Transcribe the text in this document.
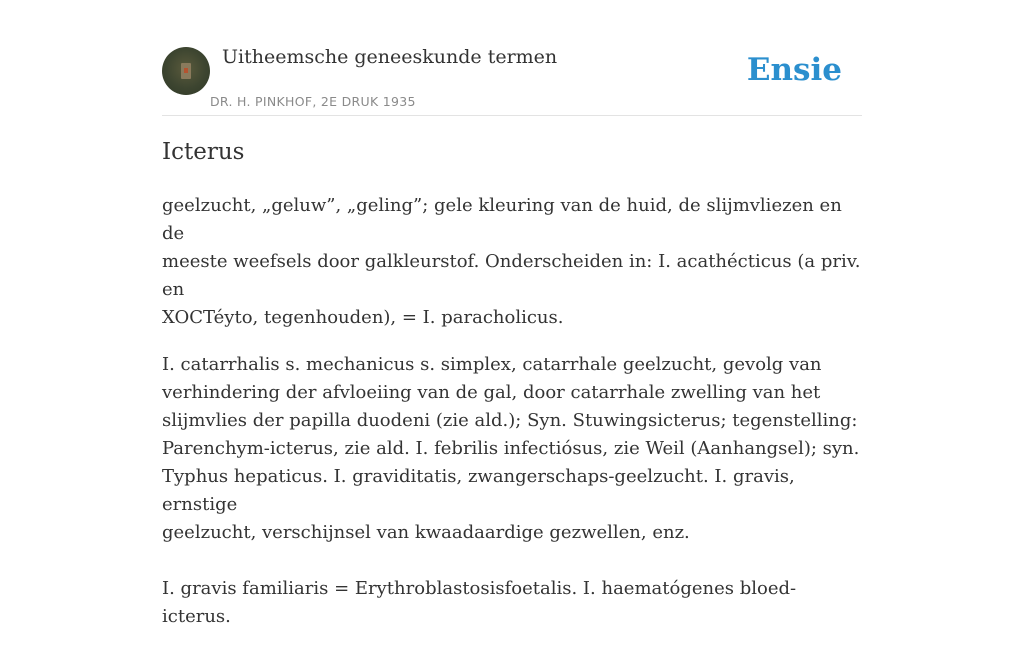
Uitheemsche geneeskunde termen
DR. H. PINKHOF, 2E DRUK 1935
Ensie
Icterus

geelzucht, „geluw”, „geling”; gele kleuring van de huid, de slijmvliezen en de
meeste weefsels door galkleurstof. Onderscheiden in: I. acathécticus (a priv. en
XOCTéyto, tegenhouden), = I. paracholicus.

I. catarrhalis s. mechanicus s. simplex, catarrhale geelzucht, gevolg van
verhindering der afvloeiing van de gal, door catarrhale zwelling van het
slijmvlies der papilla duodeni (zie ald.); Syn. Stuwingsicterus; tegenstelling:
Parenchym-icterus, zie ald. I. febrilis infectiósus, zie Weil (Aanhangsel); syn.
Typhus hepaticus. I. graviditatis, zwangerschaps-geelzucht. I. gravis, ernstige
geelzucht, verschijnsel van kwaadaardige gezwellen, enz.

I. gravis familiaris = Erythroblastosisfoetalis. I. haematógenes bloed-icterus.
